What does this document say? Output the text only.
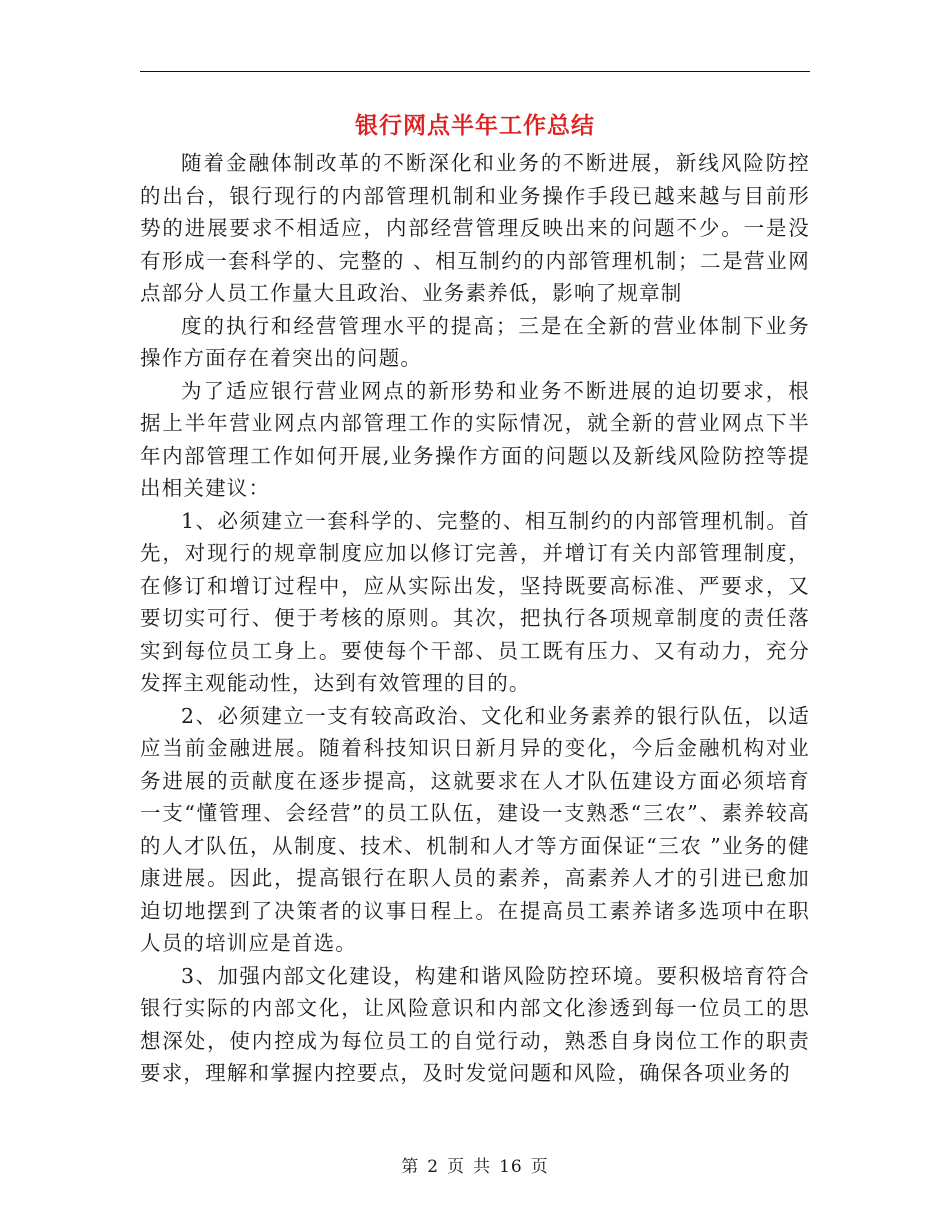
银行网点半年工作总结

随着金融体制改革的不断深化和业务的不断进展，新线风险防控的出台，银行现行的内部管理机制和业务操作手段已越来越与目前形势的进展要求不相适应，内部经营管理反映出来的问题不少。一是没有形成一套科学的、完整的 、相互制约的内部管理机制；二是营业网点部分人员工作量大且政治、业务素养低，影响了规章制

度的执行和经营管理水平的提高；三是在全新的营业体制下业务操作方面存在着突出的问题。

为了适应银行营业网点的新形势和业务不断进展的迫切要求，根据上半年营业网点内部管理工作的实际情况，就全新的营业网点下半年内部管理工作如何开展,业务操作方面的问题以及新线风险防控等提出相关建议：

1、必须建立一套科学的、完整的、相互制约的内部管理机制。首先，对现行的规章制度应加以修订完善，并增订有关内部管理制度，在修订和增订过程中，应从实际出发，坚持既要高标准、严要求，又要切实可行、便于考核的原则。其次，把执行各项规章制度的责任落实到每位员工身上。要使每个干部、员工既有压力、又有动力，充分发挥主观能动性，达到有效管理的目的。

2、必须建立一支有较高政治、文化和业务素养的银行队伍，以适应当前金融进展。随着科技知识日新月异的变化，今后金融机构对业务进展的贡献度在逐步提高，这就要求在人才队伍建设方面必须培育一支“懂管理、会经营”的员工队伍，建设一支熟悉“三农”、素养较高的人才队伍，从制度、技术、机制和人才等方面保证“三农 ”业务的健康进展。因此，提高银行在职人员的素养，高素养人才的引进已愈加迫切地摆到了决策者的议事日程上。在提高员工素养诸多选项中在职人员的培训应是首选。

3、加强内部文化建设，构建和谐风险防控环境。要积极培育符合银行实际的内部文化，让风险意识和内部文化渗透到每一位员工的思想深处，使内控成为每位员工的自觉行动，熟悉自身岗位工作的职责要求，理解和掌握内控要点，及时发觉问题和风险，确保各项业务的

第 2 页 共 16 页
